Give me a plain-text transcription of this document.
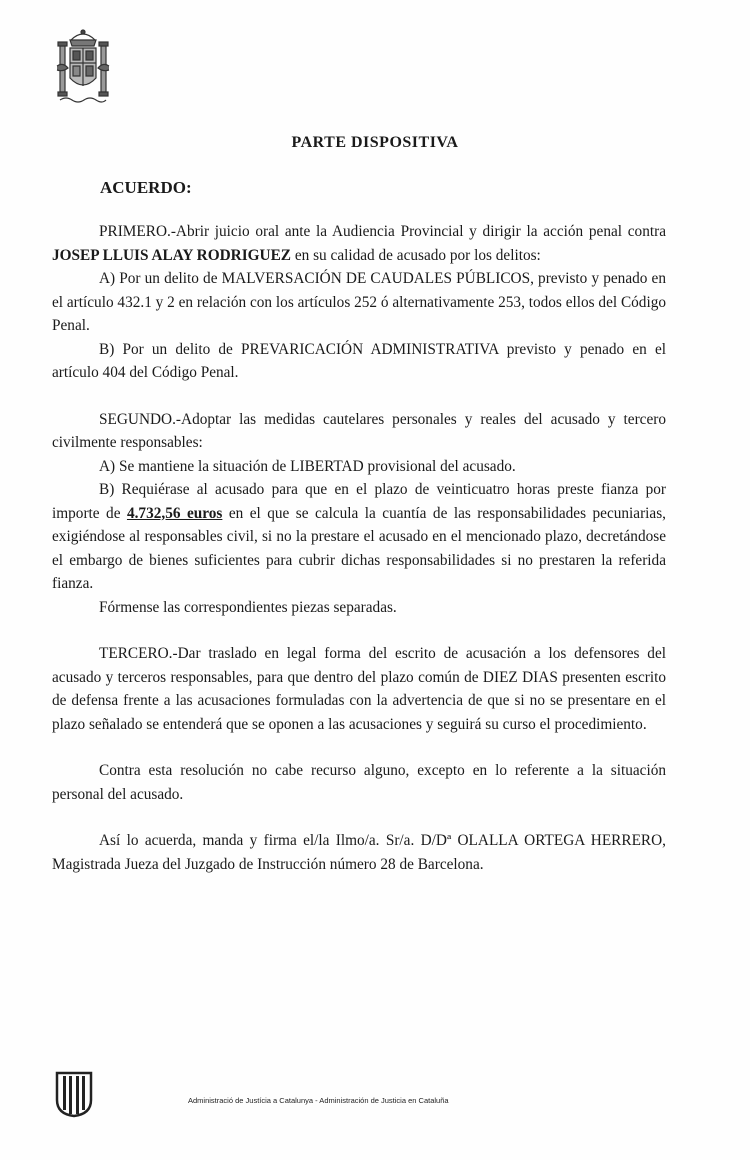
PARTE DISPOSITIVA
ACUERDO:

PRIMERO.-Abrir juicio oral ante la Audiencia Provincial y dirigir la acción penal contra JOSEP LLUIS ALAY RODRIGUEZ en su calidad de acusado por los delitos:

A) Por un delito de MALVERSACIÓN DE CAUDALES PÚBLICOS, previsto y penado en el artículo 432.1 y 2 en relación con los artículos 252 ó alternativamente 253, todos ellos del Código Penal.

B) Por un delito de PREVARICACIÓN ADMINISTRATIVA previsto y penado en el artículo 404 del Código Penal.

SEGUNDO.-Adoptar las medidas cautelares personales y reales del acusado y tercero civilmente responsables:

A) Se mantiene la situación de LIBERTAD provisional del acusado.

B) Requiérase al acusado para que en el plazo de veinticuatro horas preste fianza por importe de 4.732,56 euros en el que se calcula la cuantía de las responsabilidades pecuniarias, exigiéndose al responsables civil, si no la prestare el acusado en el mencionado plazo, decretándose el embargo de bienes suficientes para cubrir dichas responsabilidades si no prestaren la referida fianza.

Fórmense las correspondientes piezas separadas.

TERCERO.-Dar traslado en legal forma del escrito de acusación a los defensores del acusado y terceros responsables, para que dentro del plazo común de DIEZ DIAS presenten escrito de defensa frente a las acusaciones formuladas con la advertencia de que si no se presentare en el plazo señalado se entenderá que se oponen a las acusaciones y seguirá su curso el procedimiento.

Contra esta resolución no cabe recurso alguno, excepto en lo referente a la situación personal del acusado.

Así lo acuerda, manda y firma el/la Ilmo/a. Sr/a. D/Dª OLALLA ORTEGA HERRERO, Magistrada Jueza del Juzgado de Instrucción número 28 de Barcelona.

Administració de Justícia a Catalunya - Administración de Justicia en Cataluña
